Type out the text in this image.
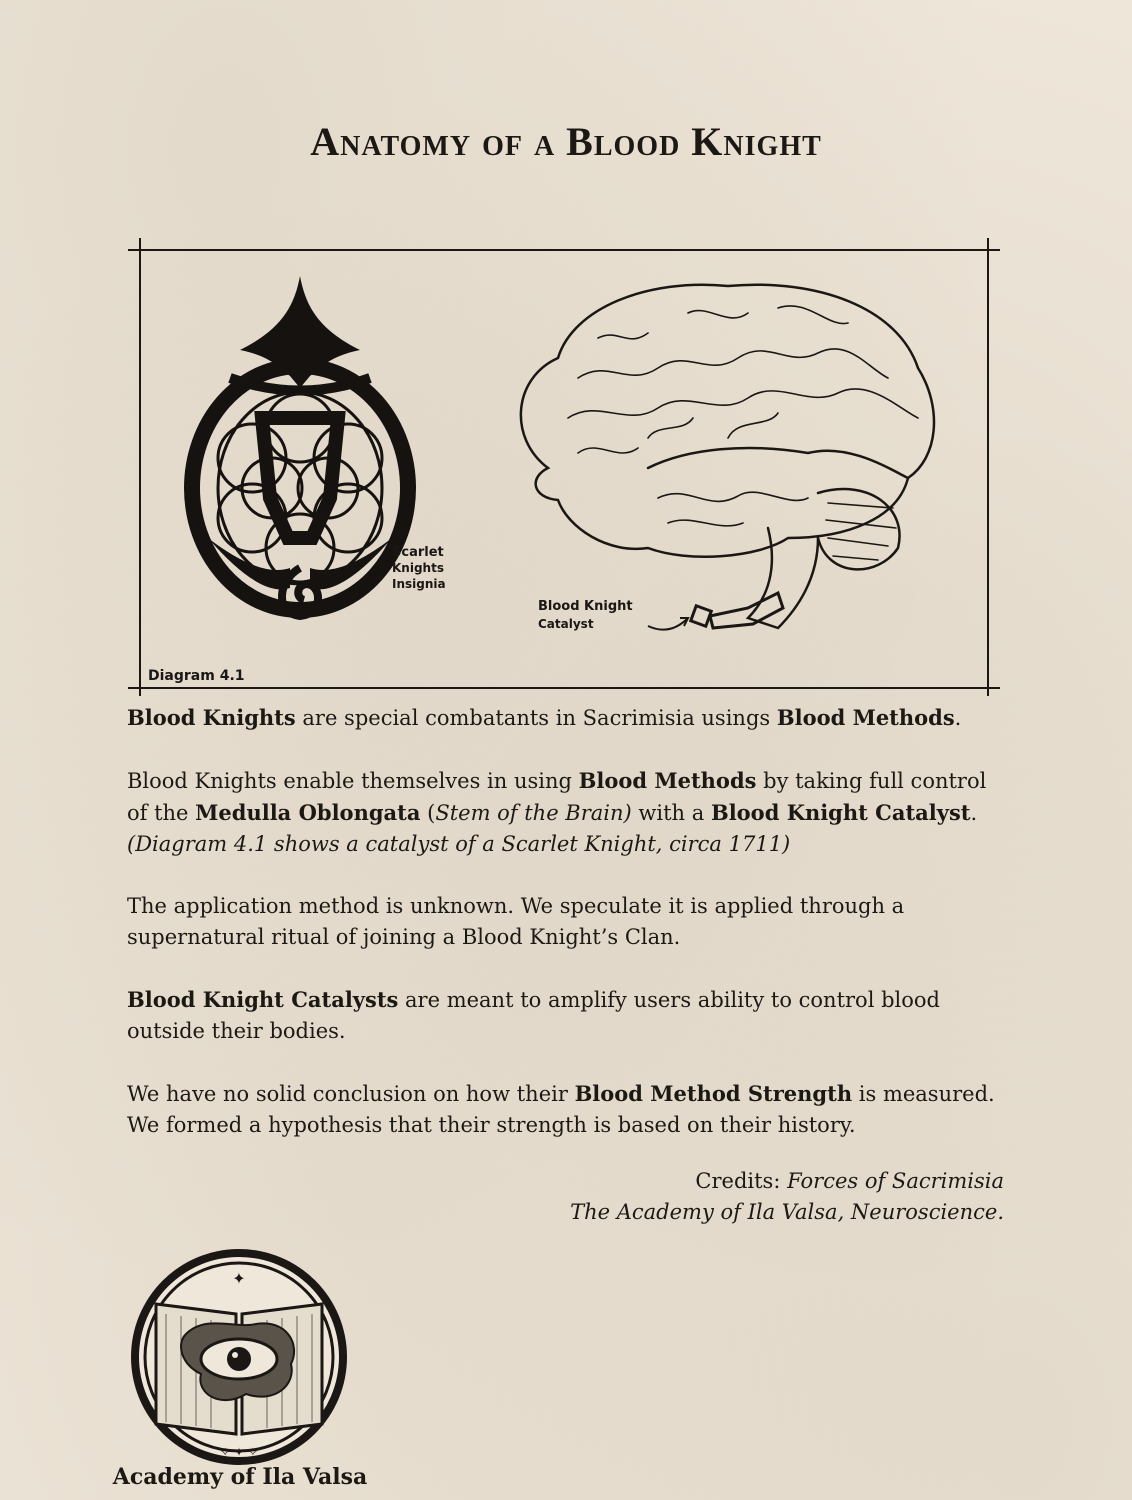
Anatomy of a Blood Knight
Scarlet
Knights
Insignia
Blood Knight
Catalyst
Diagram 4.1

Blood Knights are special combatants in Sacrimisia usings Blood Methods.

Blood Knights enable themselves in using Blood Methods by taking full control of the Medulla Oblongata (Stem of the Brain) with a Blood Knight Catalyst. (Diagram 4.1 shows a catalyst of a Scarlet Knight, circa 1711)

The application method is unknown. We speculate it is applied through a supernatural ritual of joining a Blood Knight’s Clan.

Blood Knight Catalysts are meant to amplify users ability to control blood outside their bodies.

We have no solid conclusion on how their Blood Method Strength is measured. We formed a hypothesis that their strength is based on their history.

Credits: Forces of Sacrimisia
The Academy of Ila Valsa, Neuroscience.
✦
✧ ✦ ✧
Academy of Ila Valsa
